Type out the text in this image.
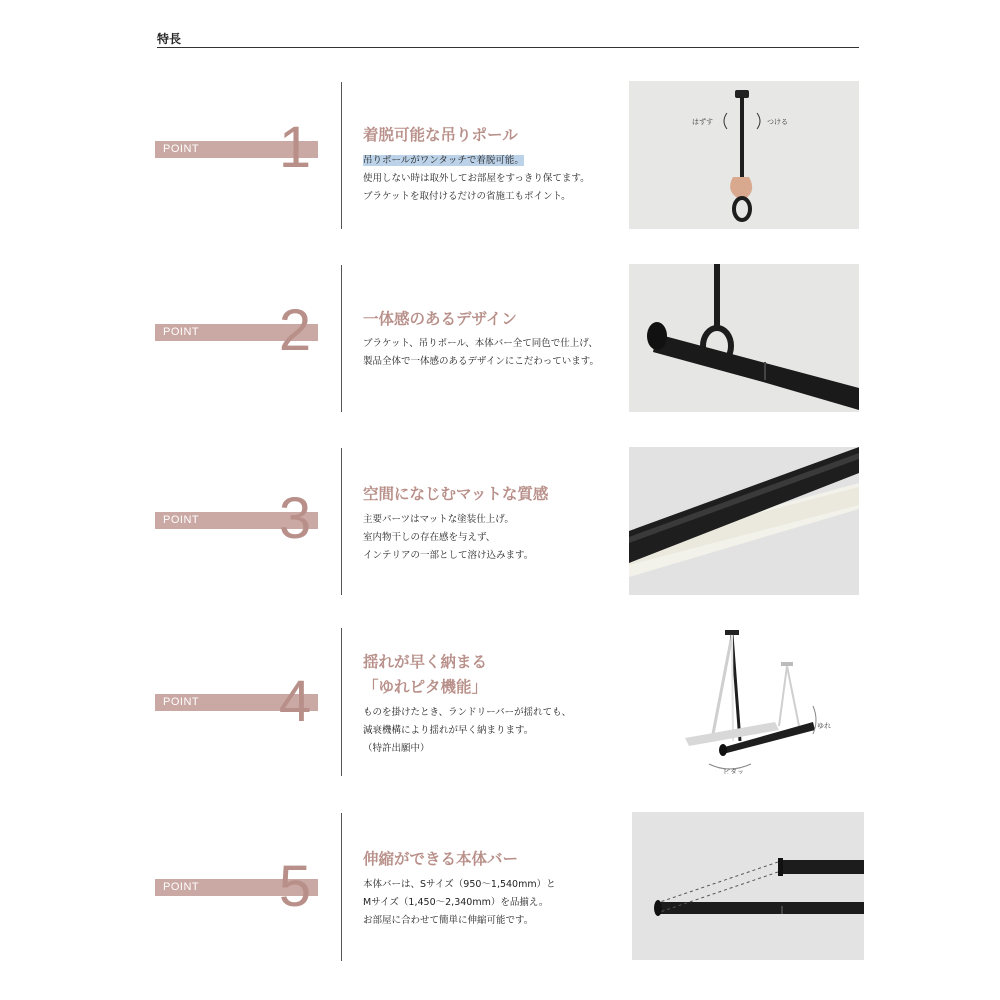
特長
POINT 1	着脱可能な吊りポール
吊りポールがワンタッチで着脱可能。
使用しない時は取外してお部屋をすっきり保てます。
ブラケットを取付けるだけの省施工もポイント。
はずす	つける
POINT 2	一体感のあるデザイン
ブラケット、吊りポール、本体バー全て同色で仕上げ、
製品全体で一体感のあるデザインにこだわっています。
POINT 3	空間になじむマットな質感
主要パーツはマットな塗装仕上げ。
室内物干しの存在感を与えず、
インテリアの一部として溶け込みます。
POINT 4
揺れが早く納まる
「ゆれピタ機能」
ものを掛けたとき、ランドリーバーが揺れても、
減衰機構により揺れが早く納まります。
（特許出願中）
ゆれ
ピタッ
POINT 5	伸縮ができる本体バー
本体バーは、Sサイズ（950～1,540mm）と
Mサイズ（1,450～2,340mm）を品揃え。
お部屋に合わせて簡単に伸縮可能です。
